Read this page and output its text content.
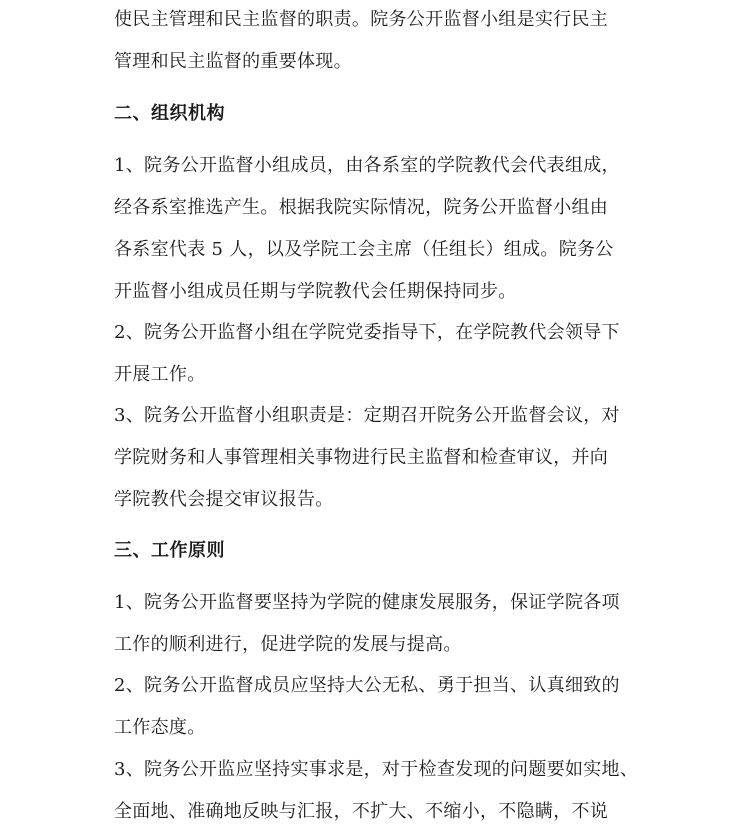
使民主管理和民主监督的职责。院务公开监督小组是实行民主
管理和民主监督的重要体现。
二、组织机构
1、院务公开监督小组成员，由各系室的学院教代会代表组成，
经各系室推选产生。根据我院实际情况，院务公开监督小组由
各系室代表 5 人，以及学院工会主席（任组长）组成。院务公
开监督小组成员任期与学院教代会任期保持同步。
2、院务公开监督小组在学院党委指导下，在学院教代会领导下
开展工作。
3、院务公开监督小组职责是：定期召开院务公开监督会议，对
学院财务和人事管理相关事物进行民主监督和检查审议，并向
学院教代会提交审议报告。
三、工作原则
1、院务公开监督要坚持为学院的健康发展服务，保证学院各项
工作的顺利进行，促进学院的发展与提高。
2、院务公开监督成员应坚持大公无私、勇于担当、认真细致的
工作态度。
3、院务公开监应坚持实事求是，对于检查发现的问题要如实地、
全面地、准确地反映与汇报，不扩大、不缩小，不隐瞒，不说
